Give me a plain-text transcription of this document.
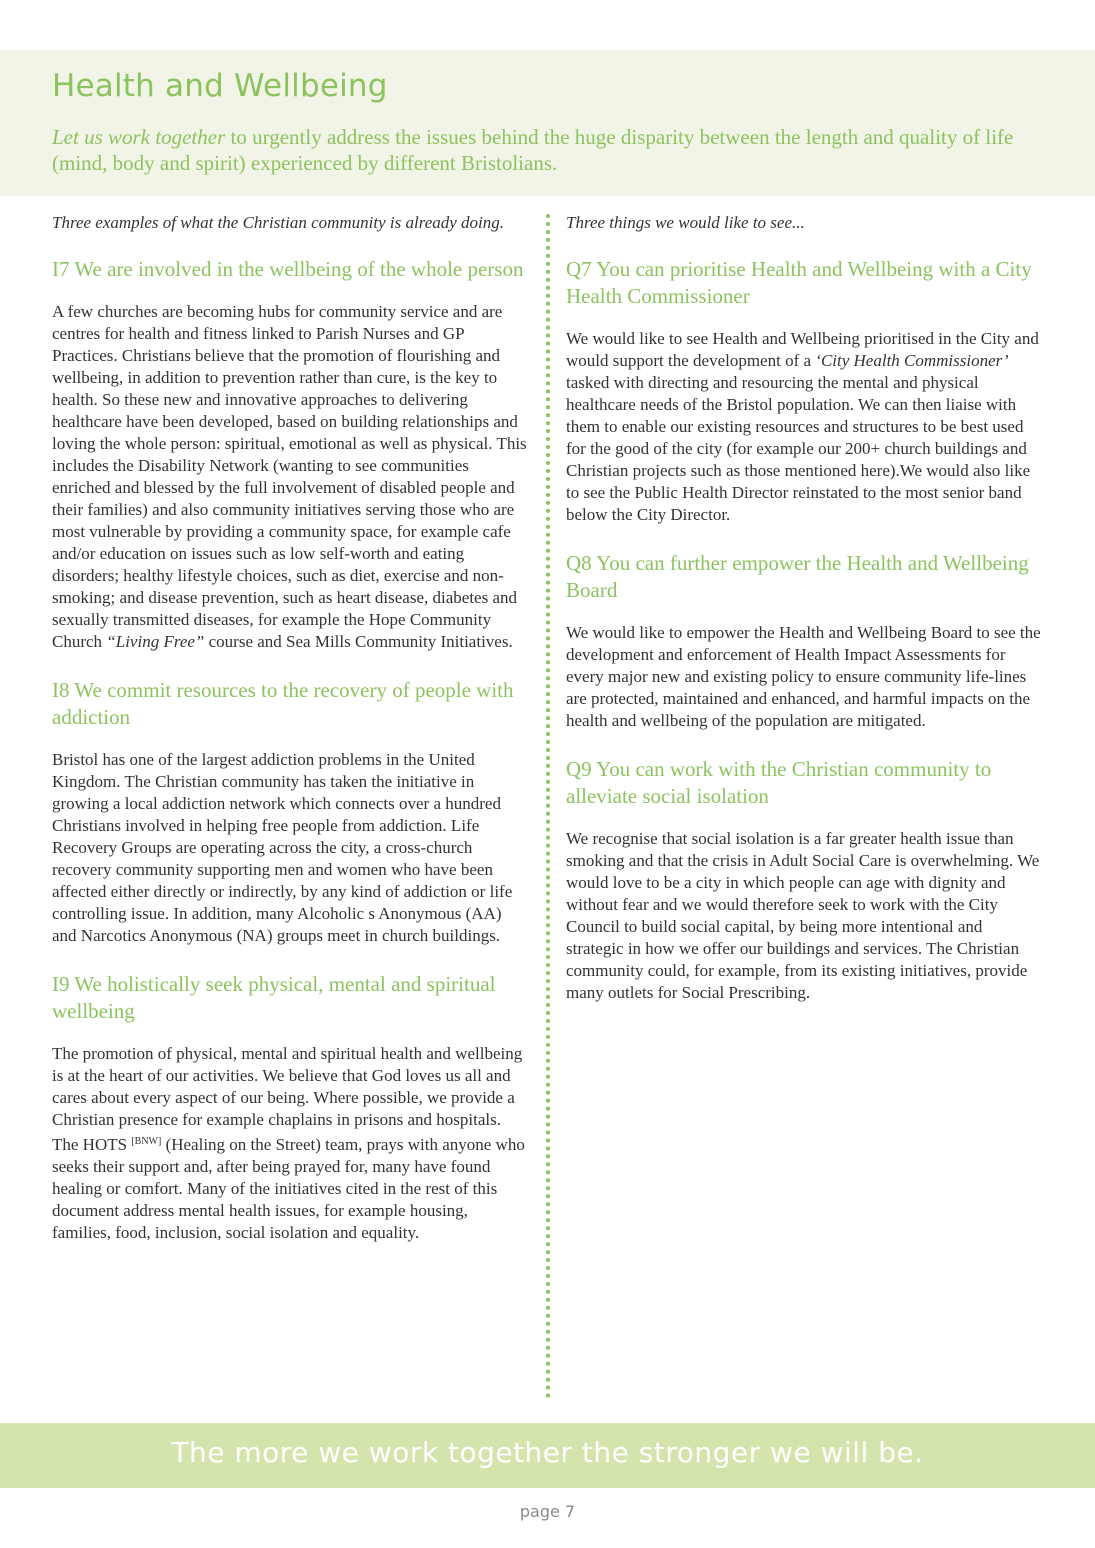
Health and Wellbeing

Let us work together to urgently address the issues behind the huge disparity between the length and quality of life (mind, body and spirit) experienced by different Bristolians.

Three examples of what the Christian community is already doing.

I7 We are involved in the wellbeing of the whole person

A few churches are becoming hubs for community service and are centres for health and fitness linked to Parish Nurses and GP Practices. Christians believe that the promotion of flourishing and wellbeing, in addition to prevention rather than cure, is the key to health. So these new and innovative approaches to delivering healthcare have been developed, based on building relationships and loving the whole person: spiritual, emotional as well as physical. This includes the Disability Network (wanting to see communities enriched and blessed by the full involvement of disabled people and their families) and also community initiatives serving those who are most vulnerable by providing a community space, for example cafe and/or education on issues such as low self-worth and eating disorders; healthy lifestyle choices, such as diet, exercise and non-smoking; and disease prevention, such as heart disease, diabetes and sexually transmitted diseases, for example the Hope Community Church “Living Free” course and Sea Mills Community Initiatives.

I8 We commit resources to the recovery of people with addiction

Bristol has one of the largest addiction problems in the United Kingdom. The Christian community has taken the initiative in growing a local addiction network which connects over a hundred Christians involved in helping free people from addiction. Life Recovery Groups are operating across the city, a cross-church recovery community supporting men and women who have been affected either directly or indirectly, by any kind of addiction or life controlling issue. In addition, many Alcoholic s Anonymous (AA) and Narcotics Anonymous (NA) groups meet in church buildings.

I9 We holistically seek physical, mental and spiritual wellbeing

The promotion of physical, mental and spiritual health and wellbeing is at the heart of our activities. We believe that God loves us all and cares about every aspect of our being. Where possible, we provide a Christian presence for example chaplains in prisons and hospitals. The HOTS [BNW] (Healing on the Street) team, prays with anyone who seeks their support and, after being prayed for, many have found healing or comfort. Many of the initiatives cited in the rest of this document address mental health issues, for example housing, families, food, inclusion, social isolation and equality.

Three things we would like to see...

Q7 You can prioritise Health and Wellbeing with a City Health Commissioner

We would like to see Health and Wellbeing prioritised in the City and would support the development of a ‘City Health Commissioner’ tasked with directing and resourcing the mental and physical healthcare needs of the Bristol population. We can then liaise with them to enable our existing resources and structures to be best used for the good of the city (for example our 200+ church buildings and Christian projects such as those mentioned here).We would also like to see the Public Health Director reinstated to the most senior band below the City Director.

Q8 You can further empower the Health and Wellbeing Board

We would like to empower the Health and Wellbeing Board to see the development and enforcement of Health Impact Assessments for every major new and existing policy to ensure community life-lines are protected, maintained and enhanced, and harmful impacts on the health and wellbeing of the population are mitigated.

Q9 You can work with the Christian community to alleviate social isolation

We recognise that social isolation is a far greater health issue than smoking and that the crisis in Adult Social Care is overwhelming. We would love to be a city in which people can age with dignity and without fear and we would therefore seek to work with the City Council to build social capital, by being more intentional and strategic in how we offer our buildings and services. The Christian community could, for example, from its existing initiatives, provide many outlets for Social Prescribing.

The more we work together the stronger we will be.
page 7
